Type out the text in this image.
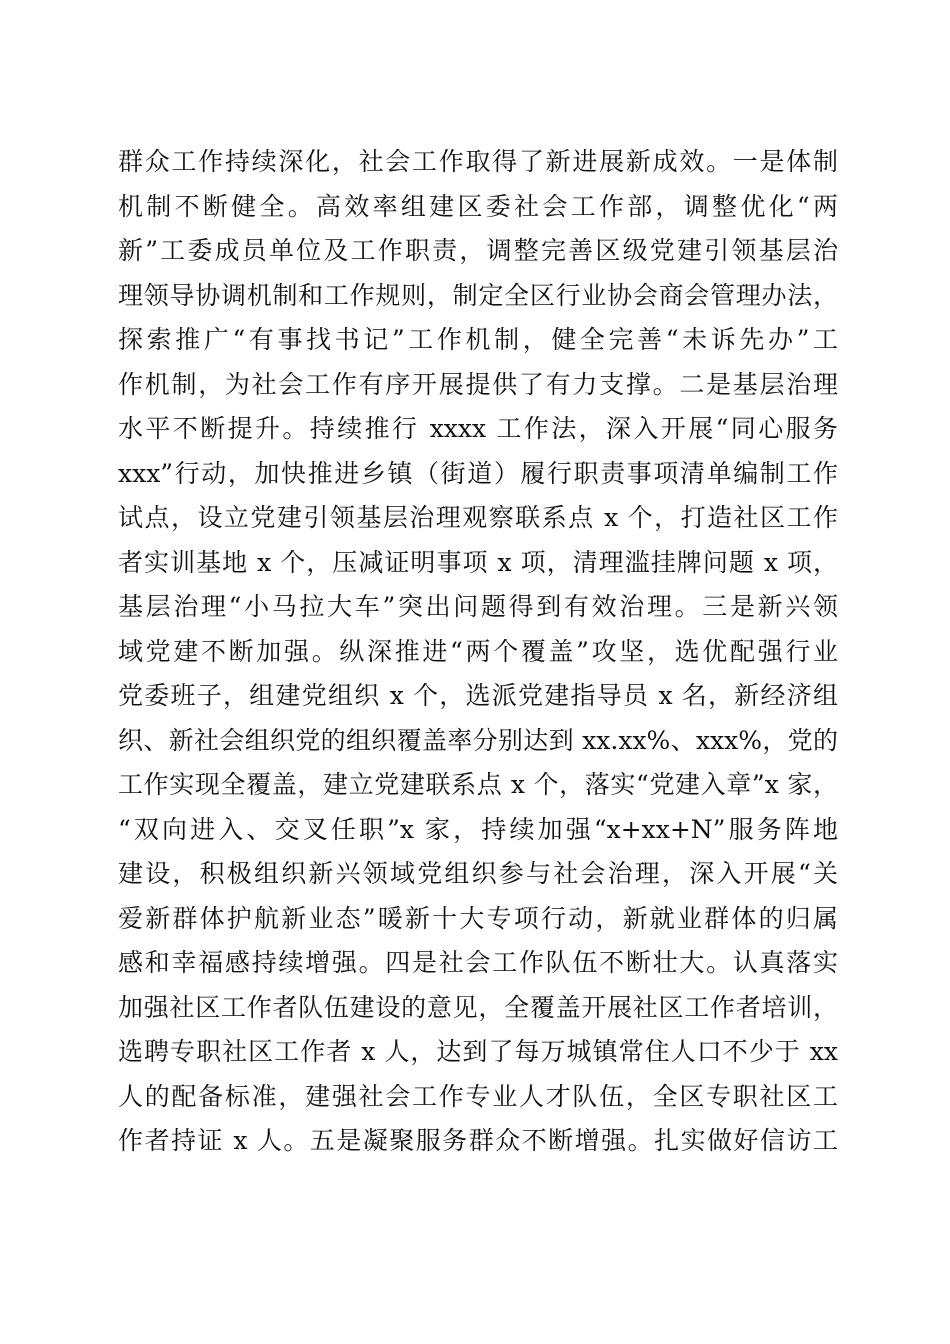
群众工作持续深化，社会工作取得了新进展新成效。一是体制
机制不断健全。高效率组建区委社会工作部，调整优化“两
新”工委成员单位及工作职责，调整完善区级党建引领基层治
理领导协调机制和工作规则，制定全区行业协会商会管理办法，
探索推广“有事找书记”工作机制，健全完善“未诉先办”工
作机制，为社会工作有序开展提供了有力支撑。二是基层治理
水平不断提升。持续推行 xxxx 工作法，深入开展“同心服务
xxx”行动，加快推进乡镇（街道）履行职责事项清单编制工作
试点，设立党建引领基层治理观察联系点 x 个，打造社区工作
者实训基地 x 个，压减证明事项 x 项，清理滥挂牌问题 x 项，
基层治理“小马拉大车”突出问题得到有效治理。三是新兴领
域党建不断加强。纵深推进“两个覆盖”攻坚，选优配强行业
党委班子，组建党组织 x 个，选派党建指导员 x 名，新经济组
织、新社会组织党的组织覆盖率分别达到 xx.xx%、xxx%，党的
工作实现全覆盖，建立党建联系点 x 个，落实“党建入章”x 家，
“双向进入、交叉任职”x 家，持续加强“x+xx+N”服务阵地
建设，积极组织新兴领域党组织参与社会治理，深入开展“关
爱新群体护航新业态”暖新十大专项行动，新就业群体的归属
感和幸福感持续增强。四是社会工作队伍不断壮大。认真落实
加强社区工作者队伍建设的意见，全覆盖开展社区工作者培训，
选聘专职社区工作者 x 人，达到了每万城镇常住人口不少于 xx
人的配备标准，建强社会工作专业人才队伍，全区专职社区工
作者持证 x 人。五是凝聚服务群众不断增强。扎实做好信访工
